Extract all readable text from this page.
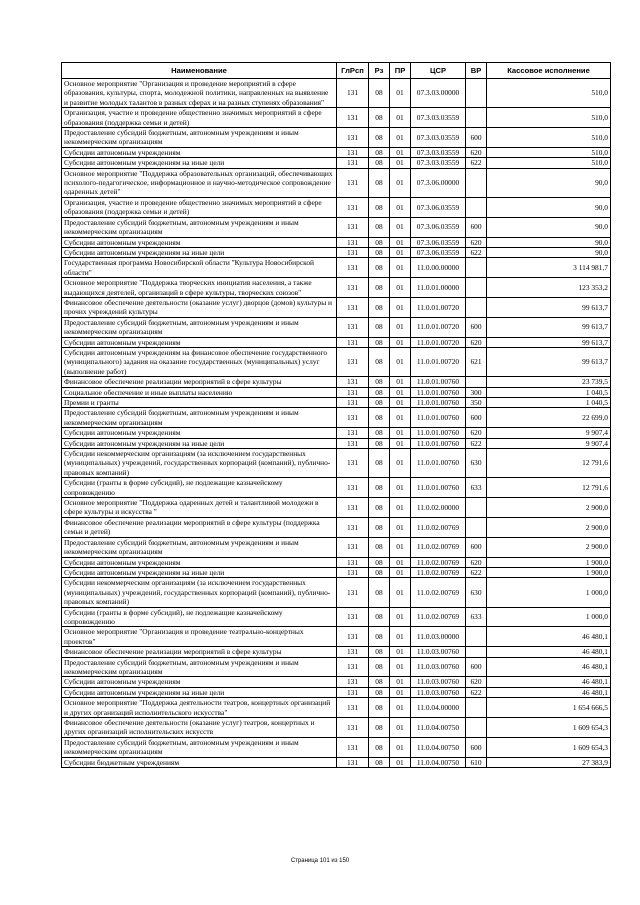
Наименование	ГлРсп	Рз	ПР	ЦСР	ВР	Кассовое исполнение
Основное мероприятие "Организация и проведение мероприятий в сфере образования, культуры, спорта, молодежной политики, направленных на выявление и развитие молодых талантов в разных сферах и на разных ступенях образования"	131	08	01	07.3.03.00000		510,0
Организация, участие и проведение общественно значимых мероприятий в сфере образования (поддержка семьи и детей)	131	08	01	07.3.03.03559		510,0
Предоставление субсидий бюджетным, автономным учреждениям и иным некоммерческим организациям	131	08	01	07.3.03.03559	600	510,0
Субсидии автономным учреждениям	131	08	01	07.3.03.03559	620	510,0
Субсидии автономным учреждениям на иные цели	131	08	01	07.3.03.03559	622	510,0
Основное мероприятие "Поддержка образовательных организаций, обеспечивающих психолого-педагогическое, информационное и научно-методическое сопровождение одаренных детей"	131	08	01	07.3.06.00000		90,0
Организация, участие и проведение общественно значимых мероприятий в сфере образования (поддержка семьи и детей)	131	08	01	07.3.06.03559		90,0
Предоставление субсидий бюджетным, автономным учреждениям и иным некоммерческим организациям	131	08	01	07.3.06.03559	600	90,0
Субсидии автономным учреждениям	131	08	01	07.3.06.03559	620	90,0
Субсидии автономным учреждениям на иные цели	131	08	01	07.3.06.03559	622	90,0
Государственная программа Новосибирской области "Культура Новосибирской области"	131	08	01	11.0.00.00000		3 114 981,7
Основное мероприятие "Поддержка творческих инициатив населения, а также выдающихся деятелей, организаций в сфере культуры, творческих союзов"	131	08	01	11.0.01.00000		123 353,2
Финансовое обеспечение деятельности (оказание услуг) дворцов (домов) культуры и прочих учреждений культуры	131	08	01	11.0.01.00720		99 613,7
Предоставление субсидий бюджетным, автономным учреждениям и иным некоммерческим организациям	131	08	01	11.0.01.00720	600	99 613,7
Субсидии автономным учреждениям	131	08	01	11.0.01.00720	620	99 613,7
Субсидии автономным учреждениям на финансовое обеспечение государственного (муниципального) задания на оказание государственных (муниципальных) услуг (выполнение работ)	131	08	01	11.0.01.00720	621	99 613,7
Финансовое обеспечение реализации мероприятий в сфере культуры	131	08	01	11.0.01.00760		23 739,5
Социальное обеспечение и иные выплаты населению	131	08	01	11.0.01.00760	300	1 040,5
Премии и гранты	131	08	01	11.0.01.00760	350	1 040,5
Предоставление субсидий бюджетным, автономным учреждениям и иным некоммерческим организациям	131	08	01	11.0.01.00760	600	22 699,0
Субсидии автономным учреждениям	131	08	01	11.0.01.00760	620	9 907,4
Субсидии автономным учреждениям на иные цели	131	08	01	11.0.01.00760	622	9 907,4
Субсидии некоммерческим организациям (за исключением государственных (муниципальных) учреждений, государственных корпораций (компаний), публично-правовых компаний)	131	08	01	11.0.01.00760	630	12 791,6
Субсидии (гранты в форме субсидий), не подлежащие казначейскому сопровождению	131	08	01	11.0.01.00760	633	12 791,6
Основное мероприятие "Поддержка одаренных детей и талантливой молодежи в сфере культуры и искусства "	131	08	01	11.0.02.00000		2 900,0
Финансовое обеспечение реализации мероприятий в сфере культуры (поддержка семьи и детей)	131	08	01	11.0.02.00769		2 900,0
Предоставление субсидий бюджетным, автономным учреждениям и иным некоммерческим организациям	131	08	01	11.0.02.00769	600	2 900,0
Субсидии автономным учреждениям	131	08	01	11.0.02.00769	620	1 900,0
Субсидии автономным учреждениям на иные цели	131	08	01	11.0.02.00769	622	1 900,0
Субсидии некоммерческим организациям (за исключением государственных (муниципальных) учреждений, государственных корпораций (компаний), публично-правовых компаний)	131	08	01	11.0.02.00769	630	1 000,0
Субсидии (гранты в форме субсидий), не подлежащие казначейскому сопровождению	131	08	01	11.0.02.00769	633	1 000,0
Основное мероприятие "Организация и проведение театрально-концертных проектов"	131	08	01	11.0.03.00000		46 480,1
Финансовое обеспечение реализации мероприятий в сфере культуры	131	08	01	11.0.03.00760		46 480,1
Предоставление субсидий бюджетным, автономным учреждениям и иным некоммерческим организациям	131	08	01	11.0.03.00760	600	46 480,1
Субсидии автономным учреждениям	131	08	01	11.0.03.00760	620	46 480,1
Субсидии автономным учреждениям на иные цели	131	08	01	11.0.03.00760	622	46 480,1
Основное мероприятие "Поддержка деятельности театров, концертных организаций и других организаций исполнительского искусства"	131	08	01	11.0.04.00000		1 654 666,5
Финансовое обеспечение деятельности (оказание услуг) театров, концертных и других организаций исполнительских искусств	131	08	01	11.0.04.00750		1 609 654,3
Предоставление субсидий бюджетным, автономным учреждениям и иным некоммерческим организациям	131	08	01	11.0.04.00750	600	1 609 654,3
Субсидии бюджетным учреждениям	131	08	01	11.0.04.00750	610	27 383,9
Страница 101 из 150
